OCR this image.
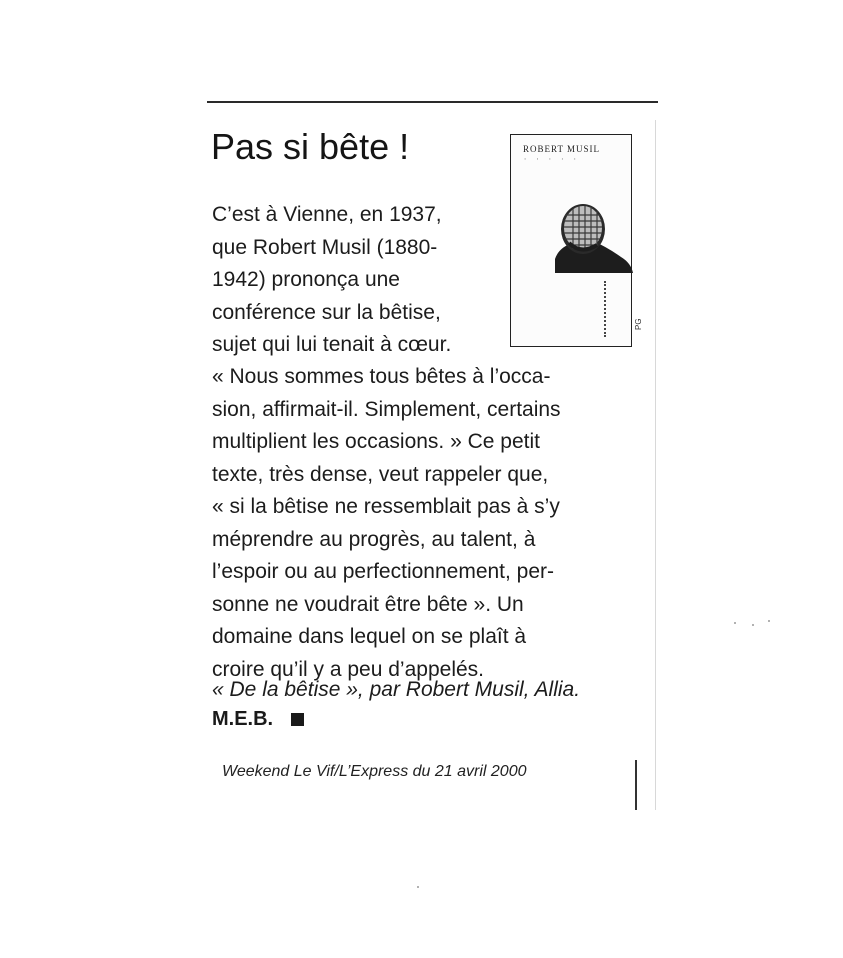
Pas si bête !	ROBERT MUSIL
· · · · ·
PG
C’est à Vienne, en 1937,
que Robert Musil (1880-
1942) prononça une
conférence sur la bêtise,
sujet qui lui tenait à cœur.
« Nous sommes tous bêtes à l’occa-
sion, affirmait-il. Simplement, certains
multiplient les occasions. » Ce petit
texte, très dense, veut rappeler que,
« si la bêtise ne ressemblait pas à s’y
méprendre au progrès, au talent, à
l’espoir ou au perfectionnement, per-
sonne ne voudrait être bête ». Un
domaine dans lequel on se plaît à
croire qu’il y a peu d’appelés.
« De la bêtise », par Robert Musil, Allia.
M.E.B.
Weekend Le Vif/L’Express du 21 avril 2000
